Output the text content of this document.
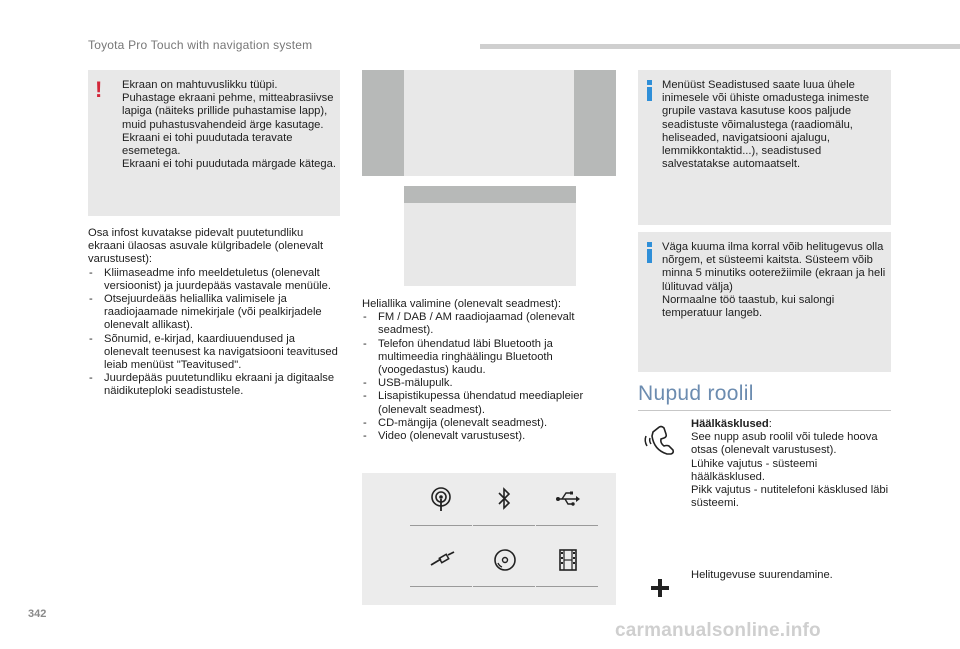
Toyota Pro Touch with navigation system
! Ekraan on mahtuvuslikku tüüpi.

Puhastage ekraani pehme, mitteabrasiivse lapiga (näiteks prillide puhastamise lapp), muid puhastusvahendeid ärge kasutage.

Ekraani ei tohi puudutada teravate esemetega.

Ekraani ei tohi puudutada märgade kätega.

Osa infost kuvatakse pidevalt puutetundliku ekraani ülaosas asuvale külgribadele (olenevalt varustusest):

- Kliimaseadme info meeldetuletus (olenevalt versioonist) ja juurdepääs vastavale menüüle.
- Otsejuurdeääs heliallika valimisele ja raadiojaamade nimekirjale (või pealkirjadele olenevalt allikast).
- Sõnumid, e-kirjad, kaardiuuendused ja olenevalt teenusest ka navigatsiooni teavitused leiab menüüst "Teavitused".
- Juurdepääs puutetundliku ekraani ja digitaalse näidikuteploki seadistustele.

Heliallika valimine (olenevalt seadmest):

- FM / DAB / AM raadiojaamad (olenevalt seadmest).
- Telefon ühendatud läbi Bluetooth ja multimeedia ringhäälingu Bluetooth (voogedastus) kaudu.
- USB-mälupulk.
- Lisapistikupessa ühendatud meediapleier (olenevalt seadmest).
- CD-mängija (olenevalt seadmest).
- Video (olenevalt varustusest).
Menüüst Seadistused saate luua ühele inimesele või ühiste omadustega inimeste grupile vastava kasutuse koos paljude seadistuste võimalustega (raadiomälu, heliseaded, navigatsiooni ajalugu, lemmikkontaktid...), seadistused salvestatakse automaatselt.

Väga kuuma ilma korral võib helitugevus olla nõrgem, et süsteemi kaitsta. Süsteem võib minna 5 minutiks ooterežiimile (ekraan ja heli lülituvad välja)

Normaalne töö taastub, kui salongi temperatuur langeb.

Nupud roolil

Häälkäsklused:

See nupp asub roolil või tulede hoova otsas (olenevalt varustusest).

Lühike vajutus - süsteemi häälkäsklused.

Pikk vajutus - nutitelefoni käsklused läbi süsteemi.

Helitugevuse suurendamine.
342
carmanualsonline.info
